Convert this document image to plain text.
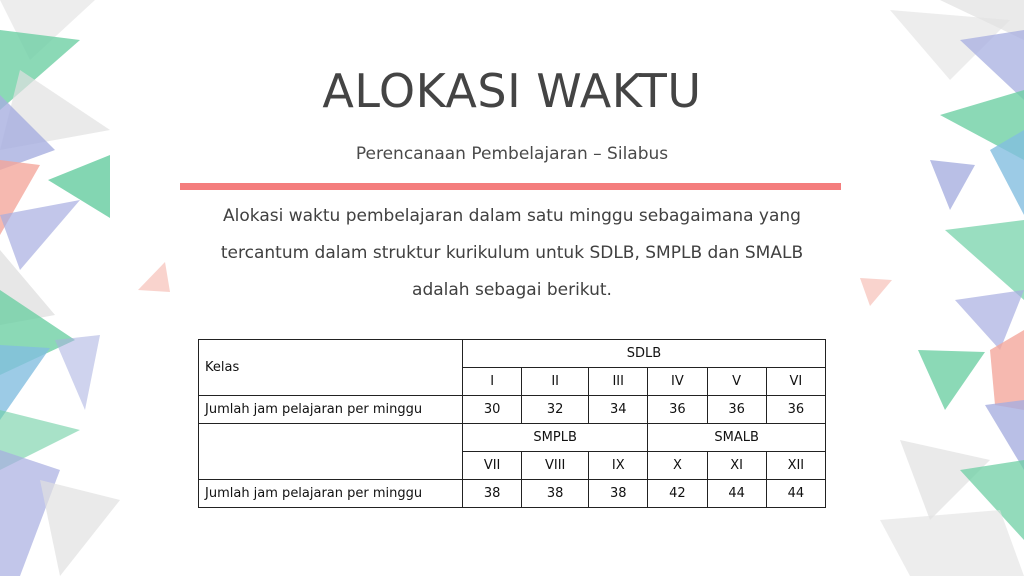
ALOKASI WAKTU
Perencanaan Pembelajaran – Silabus
Alokasi waktu pembelajaran dalam satu minggu sebagaimana yang tercantum dalam struktur kurikulum untuk SDLB, SMPLB dan SMALB adalah sebagai berikut.
Kelas	SDLB					
	I	II	III	IV	V	VI
Jumlah jam pelajaran per minggu	30	32	34	36	36	36
	SMPLB			SMALB		
	VII	VIII	IX	X	XI	XII
Jumlah jam pelajaran per minggu	38	38	38	42	44	44
